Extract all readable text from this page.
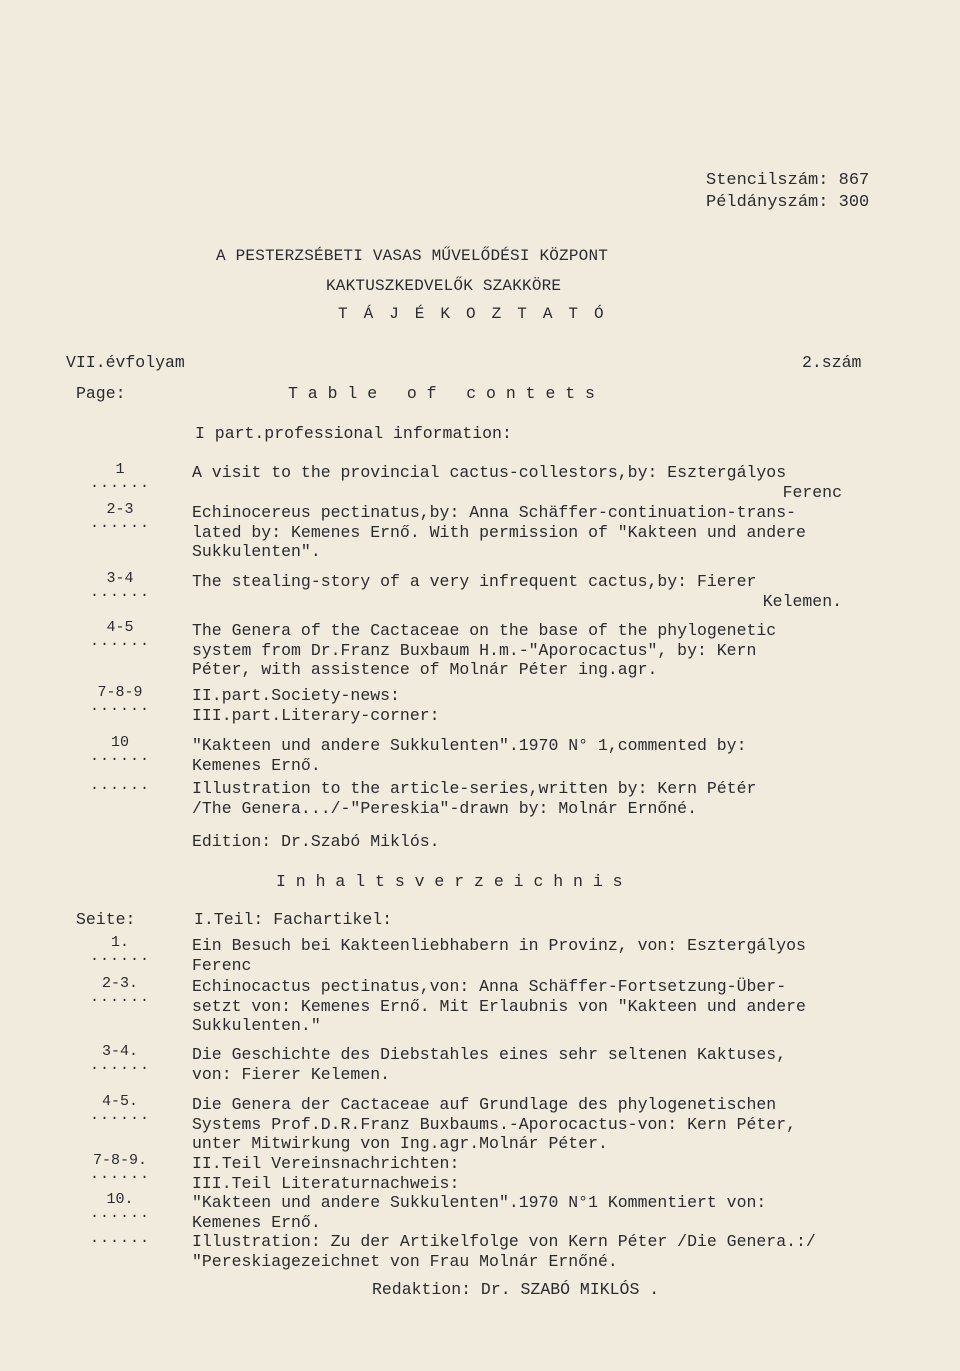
Stencilszám: 867
Példányszám: 300
A PESTERZSÉBETI VASAS MŰVELŐDÉSI KÖZPONT
KAKTUSZKEDVELŐK SZAKKÖRE
T Á J É K O Z T A T Ó
VII.évfolyam	2.szám
Page:	T a b l e   o f   c o n t e t s
I part.professional information:
1
......
A visit to the provincial cactus-collestors,by: Esztergályos
Ferenc
2-3
......
Echinocereus pectinatus,by: Anna Schäffer-continuation-trans-
lated by: Kemenes Ernő. With permission of "Kakteen und andere
Sukkulenten".
3-4
......
The stealing-story of a very infrequent cactus,by: Fierer
Kelemen.
4-5
......
The Genera of the Cactaceae on the base of the phylogenetic
system from Dr.Franz Buxbaum H.m.-"Aporocactus", by: Kern
Péter, with assistence of Molnár Péter ing.agr.
7-8-9
......
II.part.Society-news:
III.part.Literary-corner:
10
......
"Kakteen und andere Sukkulenten".1970 N° 1,commented by:
Kemenes Ernő.
......	Illustration to the article-series,written by: Kern Pétér
/The Genera.../-"Pereskia"-drawn by: Molnár Ernőné.
Edition: Dr.Szabó Miklós.
I n h a l t s v e r z e i c h n i s
Seite:	I.Teil: Fachartikel:
1.
......
Ein Besuch bei Kakteenliebhabern in Provinz, von: Esztergályos
Ferenc
2-3.
......
Echinocactus pectinatus,von: Anna Schäffer-Fortsetzung-Über-
setzt von: Kemenes Ernő. Mit Erlaubnis von "Kakteen und andere
Sukkulenten."
3-4.
......
Die Geschichte des Diebstahles eines sehr seltenen Kaktuses,
von: Fierer Kelemen.
4-5.
......
Die Genera der Cactaceae auf Grundlage des phylogenetischen
Systems Prof.D.R.Franz Buxbaums.-Aporocactus-von: Kern Péter,
unter Mitwirkung von Ing.agr.Molnár Péter.
7-8-9.
......
II.Teil Vereinsnachrichten:
III.Teil Literaturnachweis:
10.
......
"Kakteen und andere Sukkulenten".1970 N°1 Kommentiert von:
Kemenes Ernő.
......	Illustration: Zu der Artikelfolge von Kern Péter /Die Genera.:/
"Pereskiagezeichnet von Frau Molnár Ernőné.
Redaktion: Dr. SZABÓ MIKLÓS .
